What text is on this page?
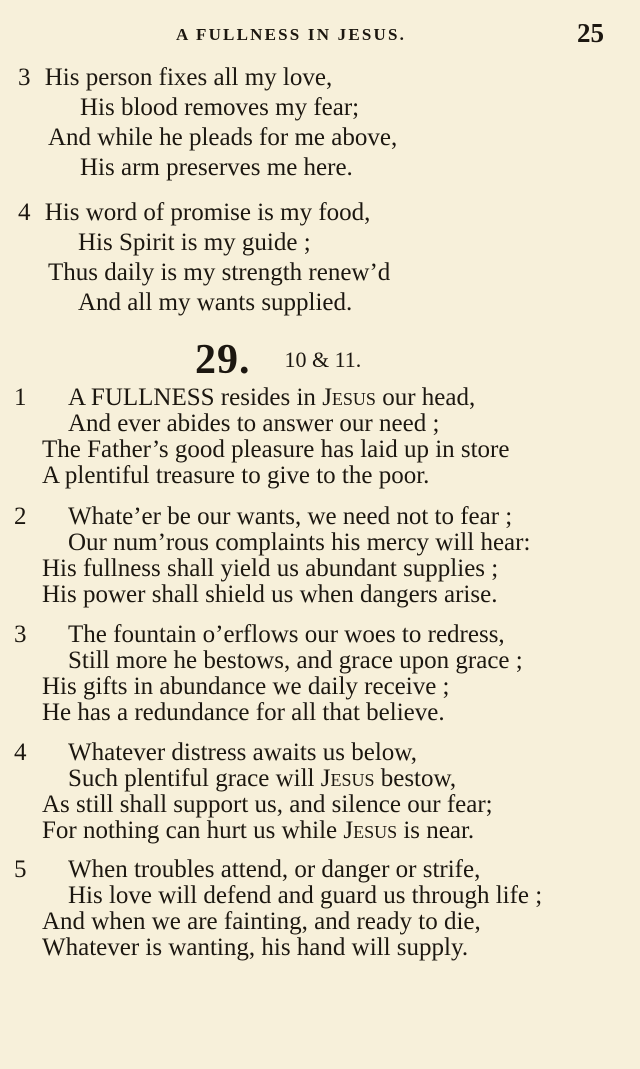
A FULLNESS IN JESUS.	25
3 His person fixes all my love,
His blood removes my fear;
And while he pleads for me above,
His arm preserves me here.
4 His word of promise is my food,
His Spirit is my guide ;
Thus daily is my strength renew’d
And all my wants supplied.
29. 10 & 11.
1 A FULLNESS resides in Jesus our head,
And ever abides to answer our need ;
The Father’s good pleasure has laid up in store
A plentiful treasure to give to the poor.
2 Whate’er be our wants, we need not to fear ;
Our num’rous complaints his mercy will hear:
His fullness shall yield us abundant supplies ;
His power shall shield us when dangers arise.
3 The fountain o’erflows our woes to redress,
Still more he bestows, and grace upon grace ;
His gifts in abundance we daily receive ;
He has a redundance for all that believe.
4 Whatever distress awaits us below,
Such plentiful grace will Jesus bestow,
As still shall support us, and silence our fear;
For nothing can hurt us while Jesus is near.
5 When troubles attend, or danger or strife,
His love will defend and guard us through life ;
And when we are fainting, and ready to die,
Whatever is wanting, his hand will supply.
